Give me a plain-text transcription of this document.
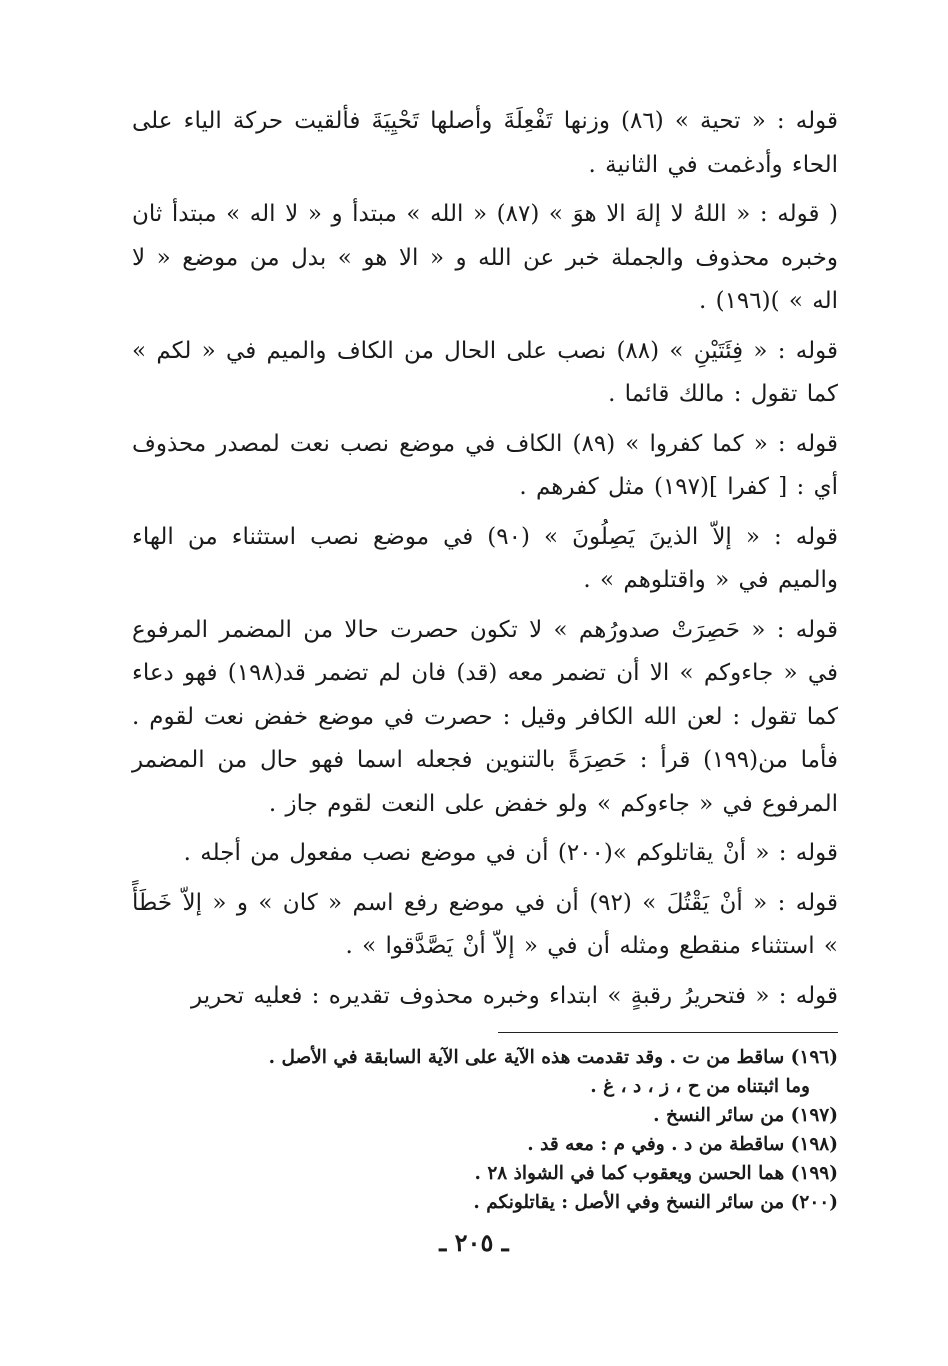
قوله : « تحية » (٨٦) وزنها تَفْعِلَةَ وأصلها تَحْيِيَةَ فألقيت حركة الياء على الحاء وأدغمت في الثانية .

( قوله : « اللهُ لا إلهَ الا هوَ » (٨٧) « الله » مبتدأ و « لا اله » مبتدأ ثان وخبره محذوف والجملة خبر عن الله و « الا هو » بدل من موضع « لا اله » )(١٩٦) .

قوله : « فِئَتَيْنِ » (٨٨) نصب على الحال من الكاف والميم في « لكم » كما تقول : مالك قائما .

قوله : « كما كفروا » (٨٩) الكاف في موضع نصب نعت لمصدر محذوف أي : [ كفرا ](١٩٧) مثل كفرهم .

قوله : « إلاّ الذينَ يَصِلُونَ » (٩٠) في موضع نصب استثناء من الهاء والميم في « واقتلوهم » .

قوله : « حَصِرَتْ صدورُهم » لا تكون حصرت حالا من المضمر المرفوع في « جاءوكم » الا أن تضمر معه (قد) فان لم تضمر قد(١٩٨) فهو دعاء كما تقول : لعن الله الكافر وقيل : حصرت في موضع خفض نعت لقوم . فأما من(١٩٩) قرأ : حَصِرَةً بالتنوين فجعله اسما فهو حال من المضمر المرفوع في « جاءوكم » ولو خفض على النعت لقوم جاز .

قوله : « أنْ يقاتلوكم »(٢٠٠) أن في موضع نصب مفعول من أجله .

قوله : « أنْ يَقْتُلَ » (٩٢) أن في موضع رفع اسم « كان » و « إلاّ خَطَأً » استثناء منقطع ومثله أن في « إلاّ أنْ يَصَّدَّقوا » .

قوله : « فتحريرُ رقبةٍ » ابتداء وخبره محذوف تقديره : فعليه تحرير

(١٩٦) ساقط من ت . وقد تقدمت هذه الآية على الآية السابقة في الأصل .

وما اثبتناه من ح ، ز ، د ، غ .

(١٩٧) من سائر النسخ .

(١٩٨) ساقطة من د . وفي م : معه قد .

(١٩٩) هما الحسن ويعقوب كما في الشواذ ٢٨ .

(٢٠٠) من سائر النسخ وفي الأصل : يقاتلونكم .

ـ ٢٠٥ ـ
